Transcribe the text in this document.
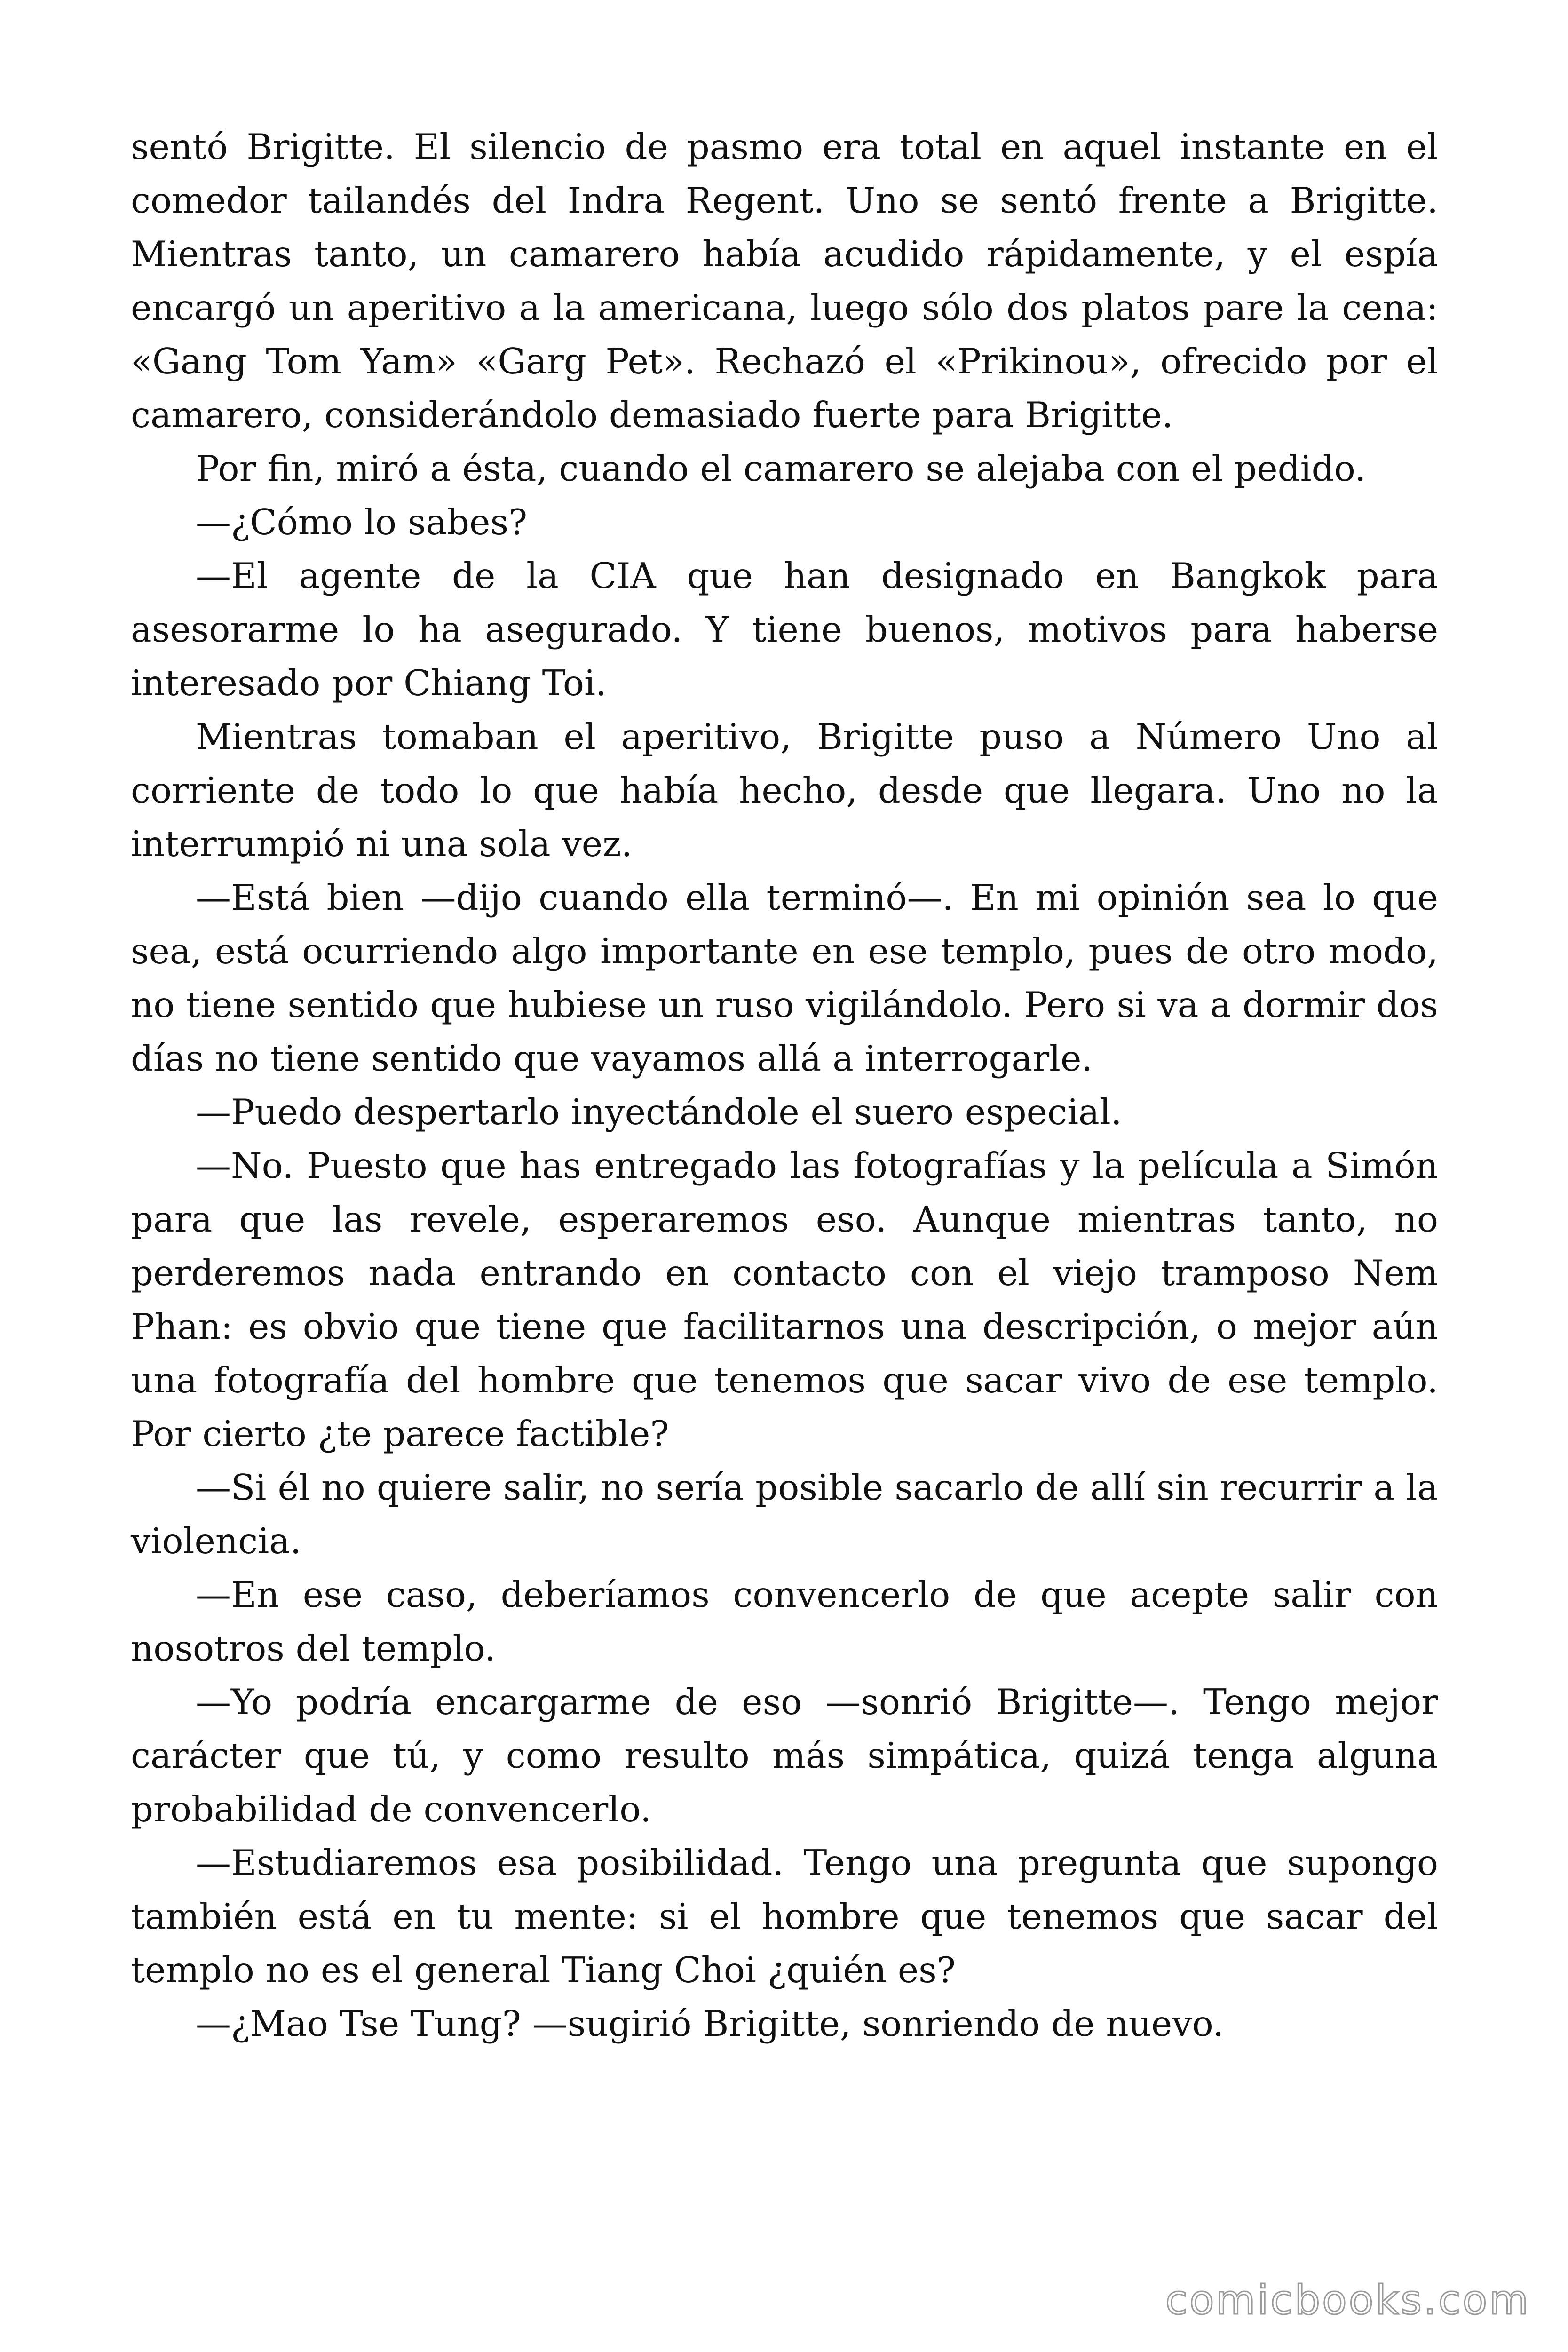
sentó Brigitte. El silencio de pasmo era total en aquel instante en el comedor tailandés del Indra Regent. Uno se sentó frente a Brigitte. Mientras tanto, un camarero había acudido rápidamente, y el espía encargó un aperitivo a la americana, luego sólo dos platos pare la cena: «Gang Tom Yam» «Garg Pet». Rechazó el «Prikinou», ofrecido por el camarero, considerándolo demasiado fuerte para Brigitte.

Por fin, miró a ésta, cuando el camarero se alejaba con el pedido.

—¿Cómo lo sabes?

—El agente de la CIA que han designado en Bangkok para asesorarme lo ha asegurado. Y tiene buenos, motivos para haberse interesado por Chiang Toi.

Mientras tomaban el aperitivo, Brigitte puso a Número Uno al corriente de todo lo que había hecho, desde que llegara. Uno no la interrumpió ni una sola vez.

—Está bien —dijo cuando ella terminó—. En mi opinión sea lo que sea, está ocurriendo algo importante en ese templo, pues de otro modo, no tiene sentido que hubiese un ruso vigilándolo. Pero si va a dormir dos días no tiene sentido que vayamos allá a interrogarle.

—Puedo despertarlo inyectándole el suero especial.

—No. Puesto que has entregado las fotografías y la película a Simón para que las revele, esperaremos eso. Aunque mientras tanto, no perderemos nada entrando en contacto con el viejo tramposo Nem Phan: es obvio que tiene que facilitarnos una descripción, o mejor aún una fotografía del hombre que tenemos que sacar vivo de ese templo. Por cierto ¿te parece factible?

—Si él no quiere salir, no sería posible sacarlo de allí sin recurrir a la violencia.

—En ese caso, deberíamos convencerlo de que acepte salir con nosotros del templo.

—Yo podría encargarme de eso —sonrió Brigitte—. Tengo mejor carácter que tú, y como resulto más simpática, quizá tenga alguna probabilidad de convencerlo.

—Estudiaremos esa posibilidad. Tengo una pregunta que supongo también está en tu mente: si el hombre que tenemos que sacar del templo no es el general Tiang Choi ¿quién es?

—¿Mao Tse Tung? —sugirió Brigitte, sonriendo de nuevo.

comicbooks.com
